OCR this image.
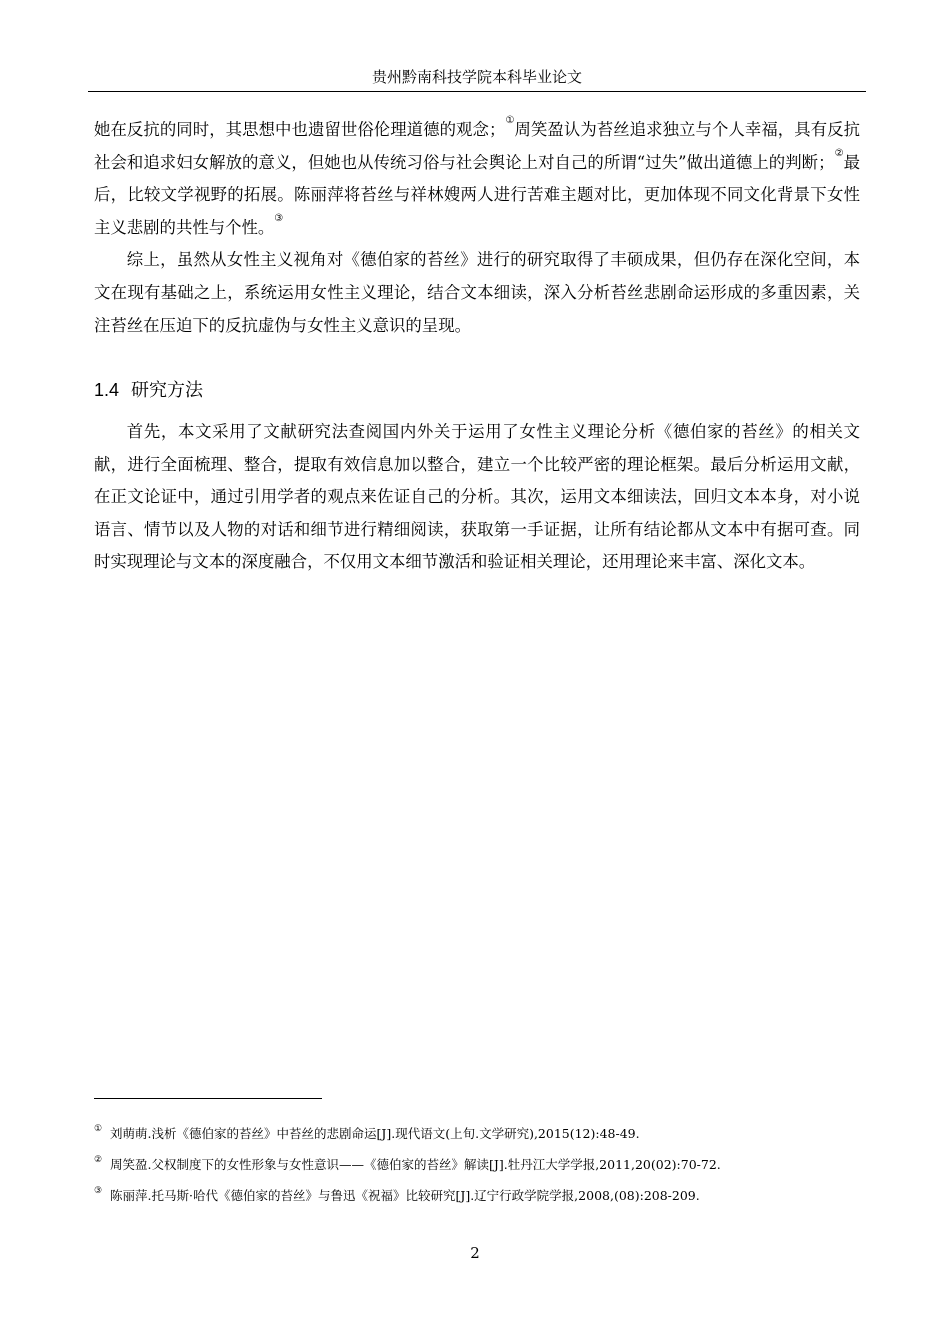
贵州黔南科技学院本科毕业论文

她在反抗的同时，其思想中也遗留世俗伦理道德的观念；①周笑盈认为苔丝追求独立与个人幸福，具有反抗社会和追求妇女解放的意义，但她也从传统习俗与社会舆论上对自己的所谓“过失”做出道德上的判断；②最后，比较文学视野的拓展。陈丽萍将苔丝与祥林嫂两人进行苦难主题对比，更加体现不同文化背景下女性主义悲剧的共性与个性。③

综上，虽然从女性主义视角对《德伯家的苔丝》进行的研究取得了丰硕成果，但仍存在深化空间，本文在现有基础之上，系统运用女性主义理论，结合文本细读，深入分析苔丝悲剧命运形成的多重因素，关注苔丝在压迫下的反抗虚伪与女性主义意识的呈现。

1.4 研究方法

首先，本文采用了文献研究法查阅国内外关于运用了女性主义理论分析《德伯家的苔丝》的相关文献，进行全面梳理、整合，提取有效信息加以整合，建立一个比较严密的理论框架。最后分析运用文献，在正文论证中，通过引用学者的观点来佐证自己的分析。其次，运用文本细读法，回归文本本身，对小说语言、情节以及人物的对话和细节进行精细阅读，获取第一手证据，让所有结论都从文本中有据可查。同时实现理论与文本的深度融合，不仅用文本细节激活和验证相关理论，还用理论来丰富、深化文本。

① 刘萌萌.浅析《德伯家的苔丝》中苔丝的悲剧命运[J].现代语文(上旬.文学研究),2015(12):48-49.
② 周笑盈.父权制度下的女性形象与女性意识——《德伯家的苔丝》解读[J].牡丹江大学学报,2011,20(02):70-72.
③ 陈丽萍.托马斯·哈代《德伯家的苔丝》与鲁迅《祝福》比较研究[J].辽宁行政学院学报,2008,(08):208-209.
2
